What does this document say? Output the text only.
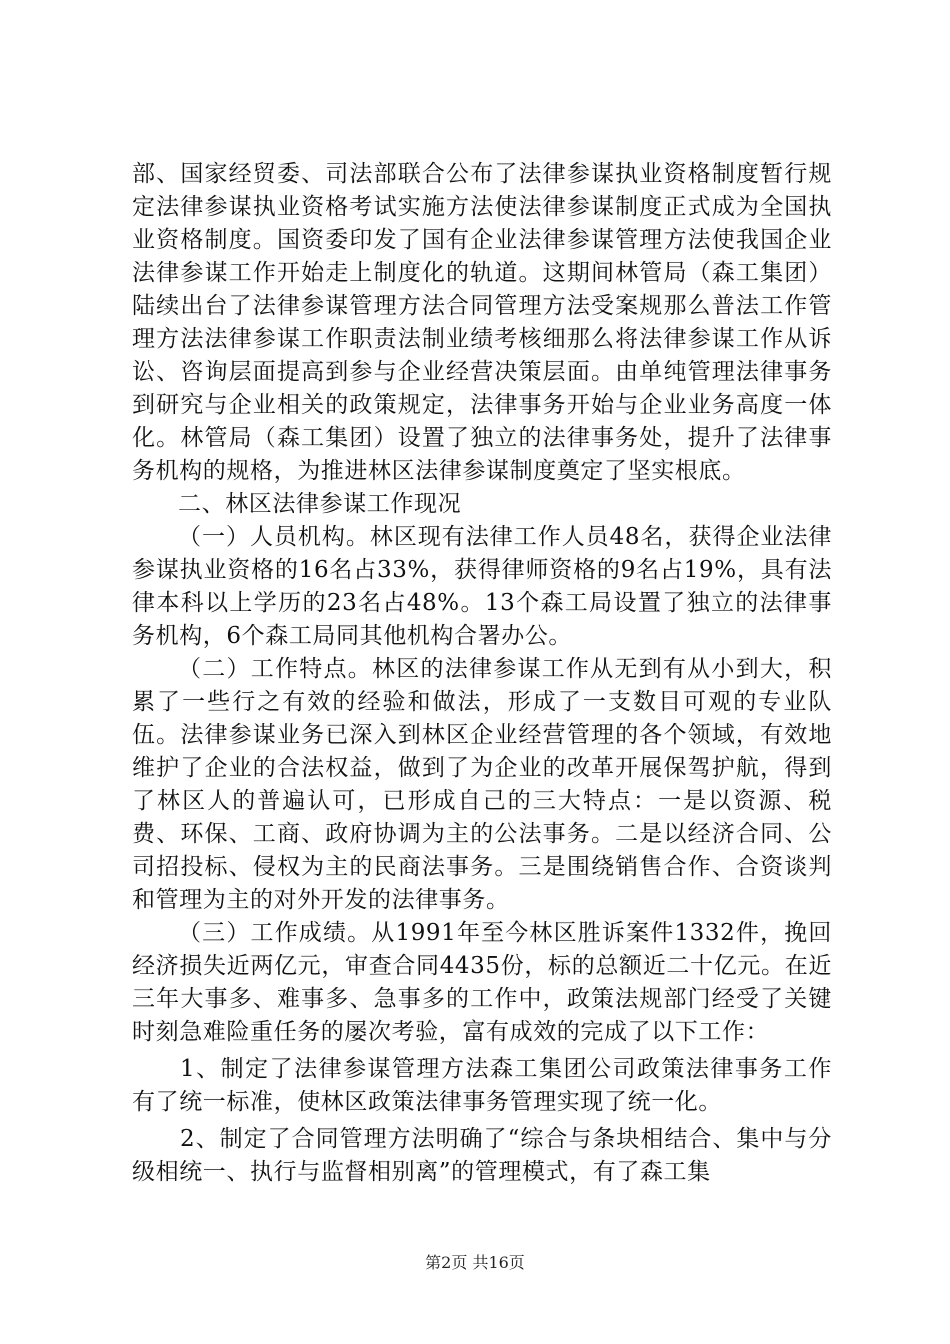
部、国家经贸委、司法部联合公布了法律参谋执业资格制度暂行规定法律参谋执业资格考试实施方法使法律参谋制度正式成为全国执业资格制度。国资委印发了国有企业法律参谋管理方法使我国企业法律参谋工作开始走上制度化的轨道。这期间林管局（森工集团）陆续出台了法律参谋管理方法合同管理方法受案规那么普法工作管理方法法律参谋工作职责法制业绩考核细那么将法律参谋工作从诉讼、咨询层面提高到参与企业经营决策层面。由单纯管理法律事务到研究与企业相关的政策规定，法律事务开始与企业业务高度一体化。林管局（森工集团）设置了独立的法律事务处，提升了法律事务机构的规格，为推进林区法律参谋制度奠定了坚实根底。

二、林区法律参谋工作现况

（一）人员机构。林区现有法律工作人员48名，获得企业法律参谋执业资格的16名占33%，获得律师资格的9名占19%，具有法律本科以上学历的23名占48%。13个森工局设置了独立的法律事务机构，6个森工局同其他机构合署办公。

（二）工作特点。林区的法律参谋工作从无到有从小到大，积累了一些行之有效的经验和做法，形成了一支数目可观的专业队伍。法律参谋业务已深入到林区企业经营管理的各个领域，有效地维护了企业的合法权益，做到了为企业的改革开展保驾护航，得到了林区人的普遍认可，已形成自己的三大特点：一是以资源、税费、环保、工商、政府协调为主的公法事务。二是以经济合同、公司招投标、侵权为主的民商法事务。三是围绕销售合作、合资谈判和管理为主的对外开发的法律事务。

（三）工作成绩。从1991年至今林区胜诉案件1332件，挽回经济损失近两亿元，审查合同4435份，标的总额近二十亿元。在近三年大事多、难事多、急事多的工作中，政策法规部门经受了关键时刻急难险重任务的屡次考验，富有成效的完成了以下工作：

1、制定了法律参谋管理方法森工集团公司政策法律事务工作有了统一标准，使林区政策法律事务管理实现了统一化。

2、制定了合同管理方法明确了“综合与条块相结合、集中与分级相统一、执行与监督相别离”的管理模式，有了森工集

第2页 共16页
